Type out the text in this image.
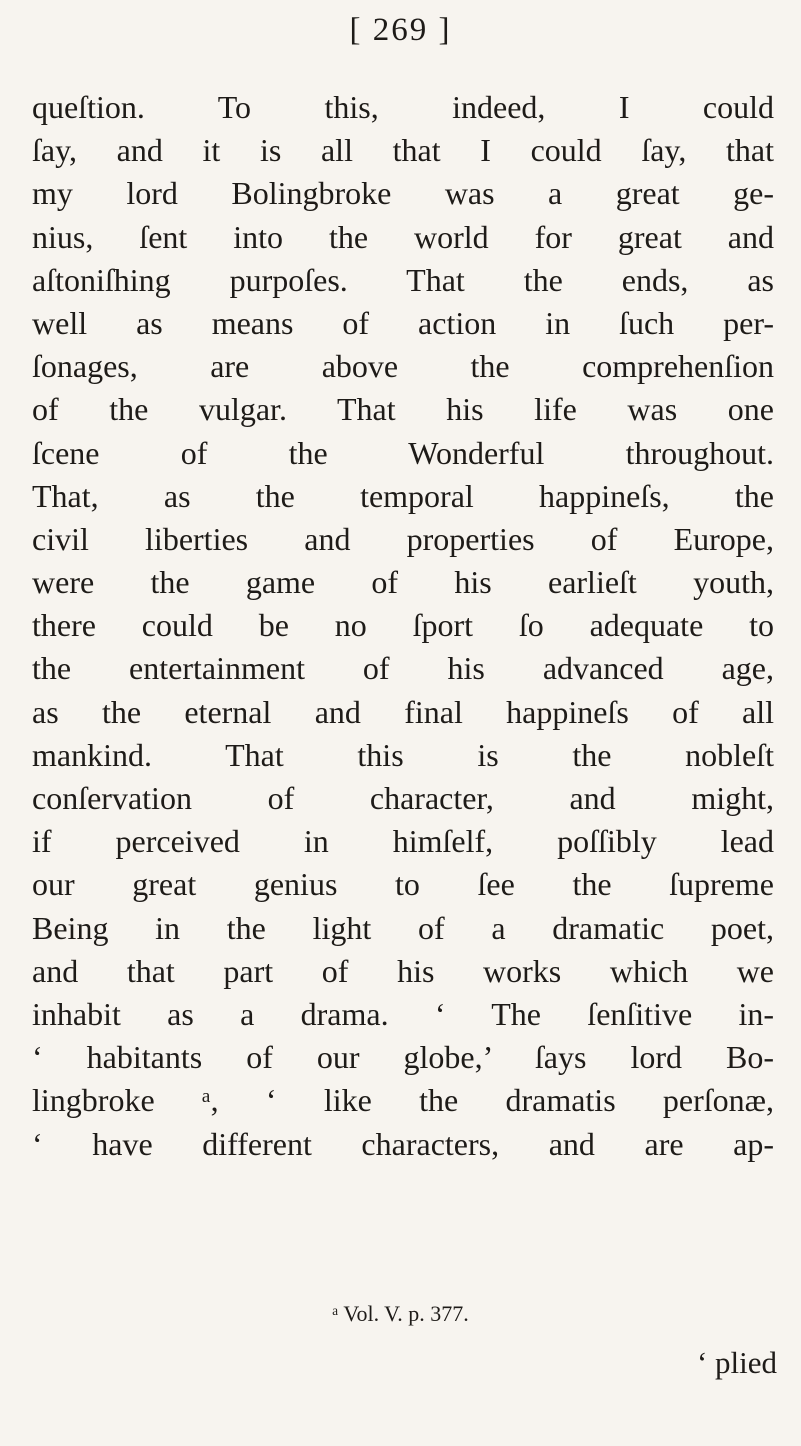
[ 269 ]
queſtion. To this, indeed, I could
ſay, and it is all that I could ſay, that
my lord Bolingbroke was a great ge-
nius, ſent into the world for great and
aſtoniſhing purpoſes. That the ends, as
well as means of action in ſuch per-
ſonages, are above the comprehenſion
of the vulgar. That his life was one
ſcene of the Wonderful throughout.
That, as the temporal happineſs, the
civil liberties and properties of Europe,
were the game of his earlieſt youth,
there could be no ſport ſo adequate to
the entertainment of his advanced age,
as the eternal and final happineſs of all
mankind. That this is the nobleſt
conſervation of character, and might,
if perceived in himſelf, poſſibly lead
our great genius to ſee the ſupreme
Being in the light of a dramatic poet,
and that part of his works which we
inhabit as a drama. ‘ The ſenſitive in-
‘ habitants of our globe,’ ſays lord Bo-
lingbroke ᵃ, ‘ like the dramatis perſonæ,
‘ have different characters, and are ap-
ᵃ Vol. V. p. 377.
‘ plied
